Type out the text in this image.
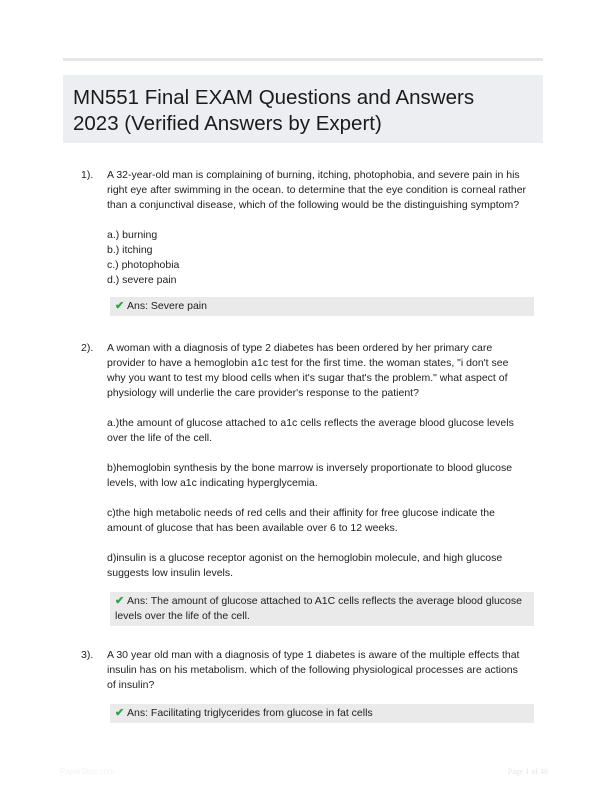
MN551 Final EXAM Questions and Answers
2023 (Verified Answers by Expert)
1). A 32-year-old man is complaining of burning, itching, photophobia, and severe pain in his
right eye after swimming in the ocean. to determine that the eye condition is corneal rather
than a conjunctival disease, which of the following would be the distinguishing symptom?

a.) burning
b.) itching
c.) photophobia
d.) severe pain
✔ Ans: Severe pain
2). A woman with a diagnosis of type 2 diabetes has been ordered by her primary care
provider to have a hemoglobin a1c test for the first time. the woman states, "i don't see
why you want to test my blood cells when it's sugar that's the problem." what aspect of
physiology will underlie the care provider's response to the patient?

a.)the amount of glucose attached to a1c cells reflects the average blood glucose levels
over the life of the cell.
b)hemoglobin synthesis by the bone marrow is inversely proportionate to blood glucose
levels, with low a1c indicating hyperglycemia.
c)the high metabolic needs of red cells and their affinity for free glucose indicate the
amount of glucose that has been available over 6 to 12 weeks.
d)insulin is a glucose receptor agonist on the hemoglobin molecule, and high glucose
suggests low insulin levels.
✔ Ans: The amount of glucose attached to A1C cells reflects the average blood glucose
levels over the life of the cell.
3). A 30 year old man with a diagnosis of type 1 diabetes is aware of the multiple effects that
insulin has on his metabolism. which of the following physiological processes are actions
of insulin?

✔ Ans: Facilitating triglycerides from glucose in fat cells
PaperStoc.com	Page 1 of 48
